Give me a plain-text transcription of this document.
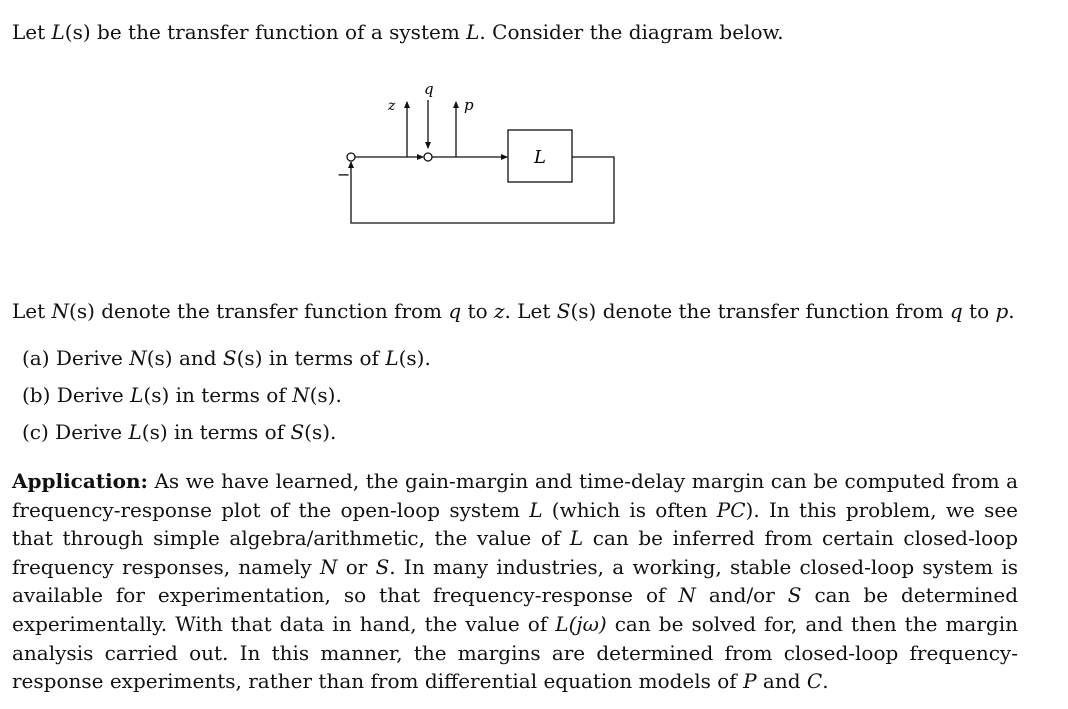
Let L(s) be the transfer function of a system L. Consider the diagram below.
−
z
q
p
L
Let N(s) denote the transfer function from q to z. Let S(s) denote the transfer function from q to p.
(a) Derive N(s) and S(s) in terms of L(s).
(b) Derive L(s) in terms of N(s).
(c) Derive L(s) in terms of S(s).
Application: As we have learned, the gain-margin and time-delay margin can be computed from a frequency-response plot of the open-loop system L (which is often PC). In this problem, we see that through simple algebra/arithmetic, the value of L can be inferred from certain closed-loop frequency responses, namely N or S. In many industries, a working, stable closed-loop system is available for experimentation, so that frequency-response of N and/or S can be determined experimentally. With that data in hand, the value of L(jω) can be solved for, and then the margin analysis carried out. In this manner, the margins are determined from closed-loop frequency-response experiments, rather than from differential equation models of P and C.
